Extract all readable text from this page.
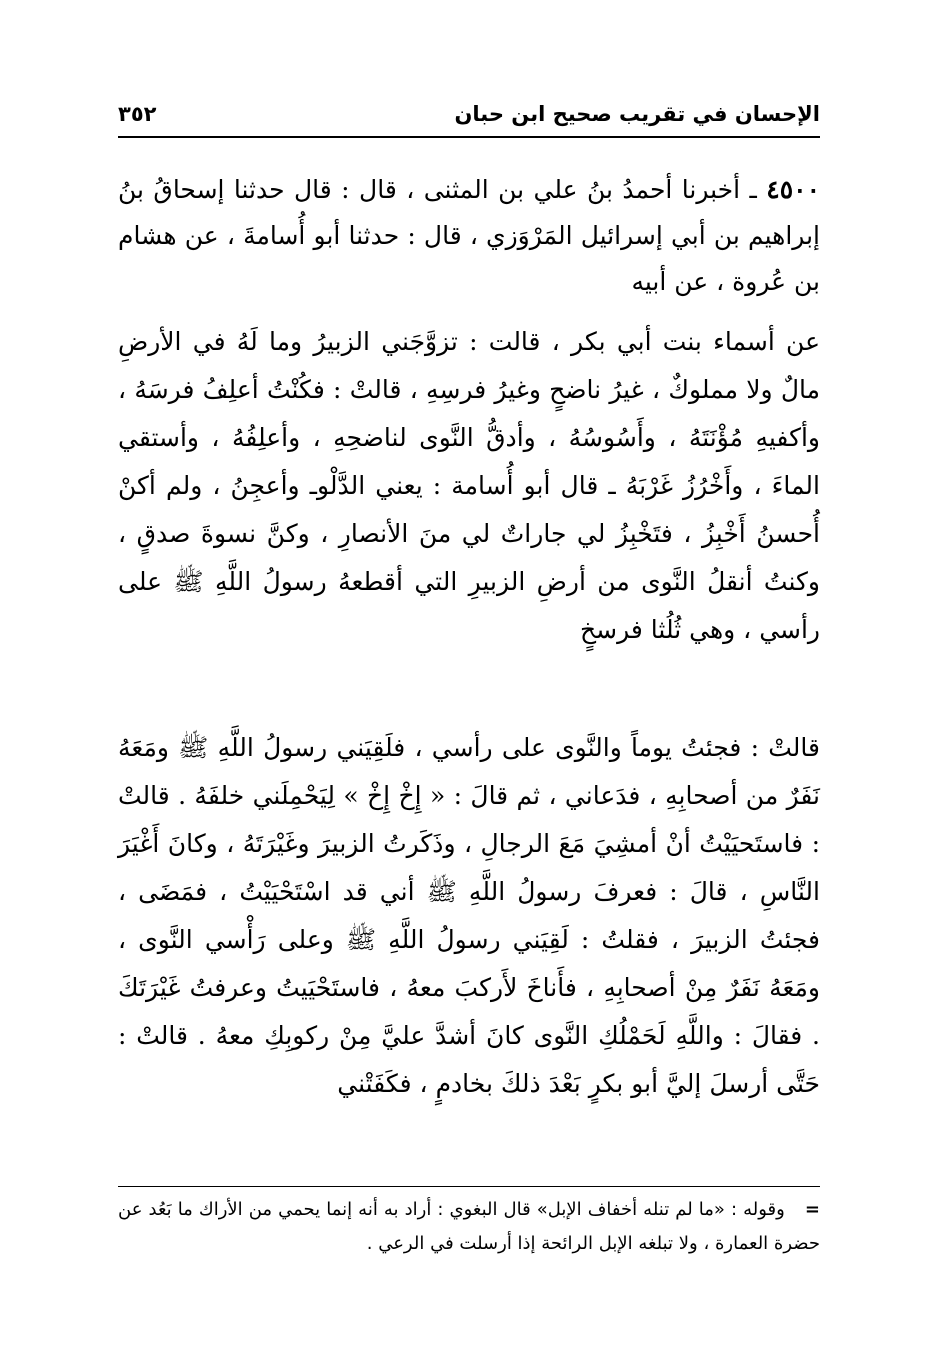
الإحسان في تقريب صحيح ابن حبان
٣٥٢
٤٥٠٠ ـ أخبرنا أحمدُ بنُ علي بن المثنى ، قال : قال حدثنا إسحاقُ بنُ إبراهيم بن أبي إسرائيل المَرْوَزي ، قال : حدثنا أبو أُسامةَ ، عن هشام بن عُروة ، عن أبيه
عن أسماء بنت أبي بكر ، قالت : تزوَّجَني الزبيرُ وما لَهُ في الأرضِ مالٌ ولا مملوكٌ ، غيرُ ناضحٍ وغيرُ فرسِهِ ، قالتْ : فكُنْتُ أعلِفُ فرسَهُ ، وأكفيهِ مُؤْنَتَهُ ، وأَسُوسُهُ ، وأدقُّ النَّوى لناضحِهِ ، وأعلِفُهُ ، وأستقي الماءَ ، وأَخْرُزُ غَرْبَهُ ـ قال أبو أُسامة : يعني الدَّلْوـ وأعجِنُ ، ولم أكنْ أُحسنُ أَخْبِزُ ، فتَخْبِزُ لي جاراتٌ لي منَ الأنصارِ ، وكنَّ نسوةَ صدقٍ ، وكنتُ أنقلُ النَّوى من أرضِ الزبيرِ التي أقطعهُ رسولُ اللَّهِ ﷺ على رأسي ، وهي ثُلُثا فرسخٍ
قالتْ : فجئتُ يوماً والنَّوى على رأسي ، فلَقِيَني رسولُ اللَّهِ ﷺ ومَعَهُ نَفَرٌ من أصحابِهِ ، فدَعاني ، ثم قالَ : « إِخْ إِخْ » لِيَحْمِلَني خلفَهُ . قالتْ : فاستَحيَيْتُ أنْ أمشِيَ مَعَ الرجالِ ، وذَكَرتُ الزبيرَ وغَيْرَتَهُ ، وكانَ أَغْيَرَ النَّاسِ ، قالَ : فعرفَ رسولُ اللَّهِ ﷺ أني قد اسْتَحْيَيْتُ ، فمَضَى ، فجئتُ الزبيرَ ، فقلتُ : لَقِيَني رسولُ اللَّهِ ﷺ وعلى رَأْسي النَّوى ، ومَعَهُ نَفَرٌ مِنْ أصحابِهِ ، فأَناخَ لأَركبَ معهُ ، فاستَحْيَيتُ وعرفتُ غَيْرَتَكَ . فقالَ : واللَّهِ لَحَمْلُكِ النَّوى كانَ أشدَّ عليَّ مِنْ ركوبِكِ معهُ . قالتْ : حَتَّى أرسلَ إليَّ أبو بكرٍ بَعْدَ ذلكَ بخادمٍ ، فكَفَتْني
= وقوله : «ما لم تنله أخفاف الإبل» قال البغوي : أراد به أنه إنما يحمي من الأراك ما بَعُد عن حضرة العمارة ، ولا تبلغه الإبل الرائحة إذا أرسلت في الرعي .
